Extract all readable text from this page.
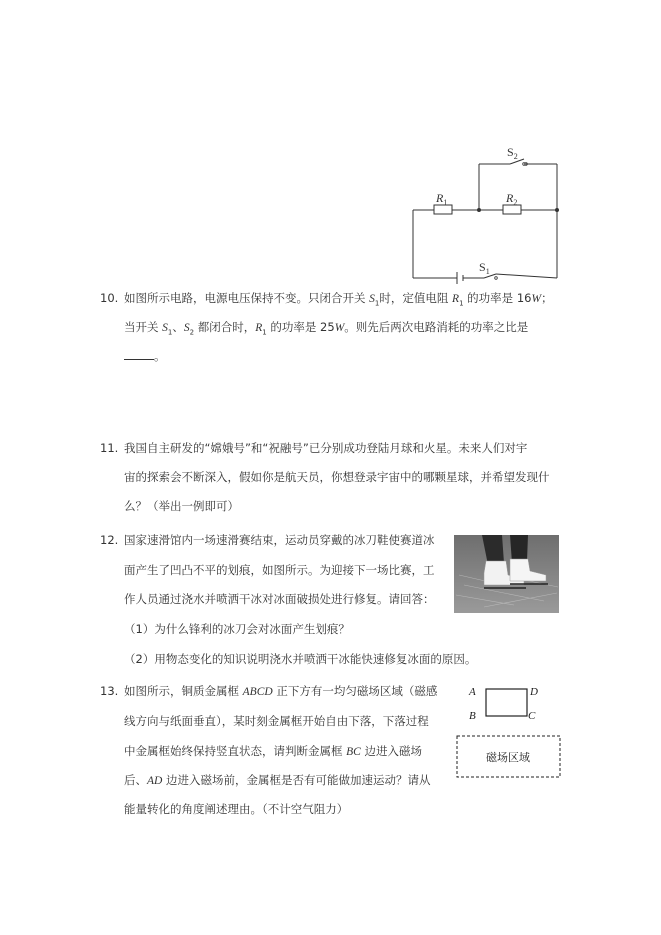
$S_2$
$R_1$	$R_2$
$S_1$
10. 如图所示电路，电源电压保持不变。只闭合开关 $S_1$时，定值电阻 $R_1$ 的功率是 16W；
当开关 $S_1$、$S_2$ 都闭合时，$R_1$ 的功率是 25W。则先后两次电路消耗的功率之比是
。
11. 我国自主研发的“嫦娥号”和“祝融号”已分别成功登陆月球和火星。未来人们对宇
宙的探索会不断深入，假如你是航天员，你想登录宇宙中的哪颗星球，并希望发现什
么？（举出一例即可）
12. 国家速滑馆内一场速滑赛结束，运动员穿戴的冰刀鞋使赛道冰
面产生了凹凸不平的划痕，如图所示。为迎接下一场比赛，工
作人员通过浇水并喷洒干冰对冰面破损处进行修复。请回答：
（1）为什么锋利的冰刀会对冰面产生划痕？
（2）用物态变化的知识说明浇水并喷洒干冰能快速修复冰面的原因。
13. 如图所示，铜质金属框 ABCD 正下方有一均匀磁场区域（磁感
线方向与纸面垂直），某时刻金属框开始自由下落，下落过程
中金属框始终保持竖直状态，请判断金属框 BC 边进入磁场
后、AD 边进入磁场前，金属框是否有可能做加速运动？请从
能量转化的角度阐述理由。（不计空气阻力）
A
B
D
C
磁场区域
